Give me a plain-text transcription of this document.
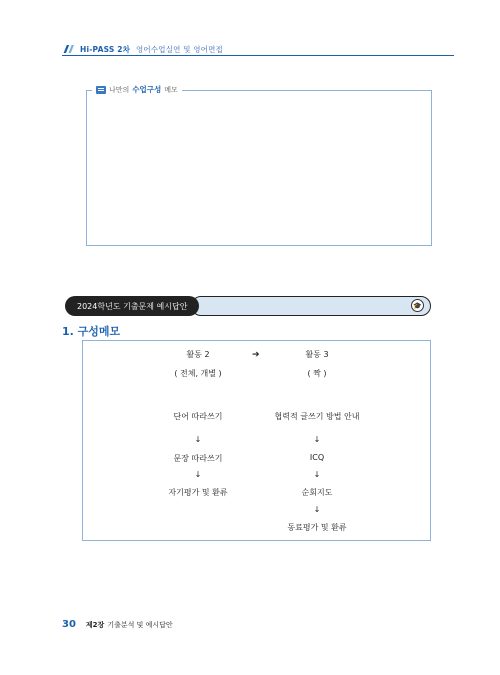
Hi-PASS 2차 영어수업실연 및 영어면접
나만의 수업구성 메모
🎓
2024학년도 기출문제 예시답안
1. 구성메모
활동 2
( 전체, 개별 )
단어 따라쓰기
↓
문장 따라쓰기
↓
자기평가 및 환류
➔	활동 3
( 짝 )
협력적 글쓰기 방법 안내
↓
ICQ
↓
순회지도
↓
동료평가 및 환류
30 제2장 기출분석 및 예시답안
